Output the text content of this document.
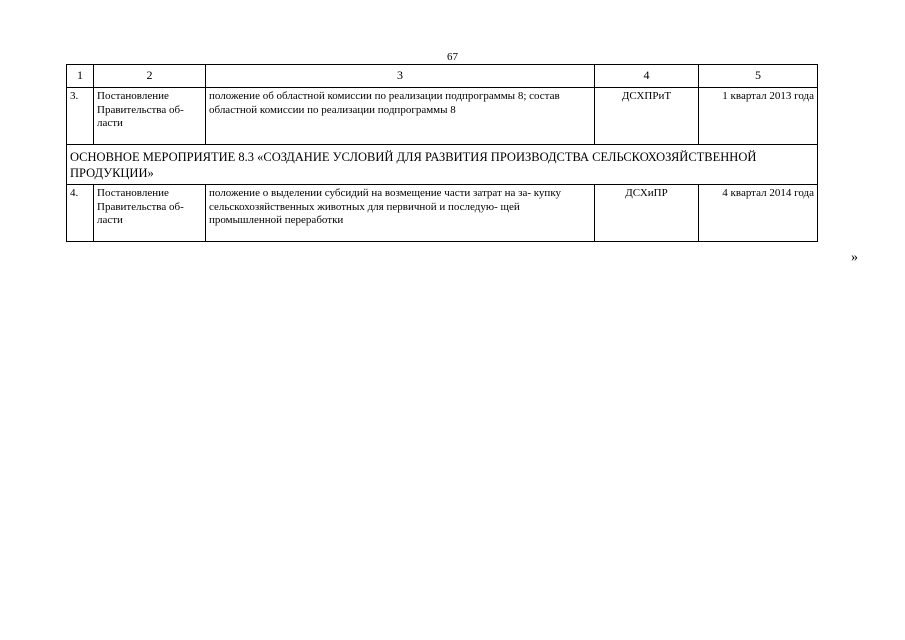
67
1	2	3	4	5
3.	Постановление Правительства об- ласти	положение об областной комиссии по реализации подпрограммы 8; состав областной комиссии по реализации подпрограммы 8	ДСХПРиТ	1 квартал 2013 года
ОСНОВНОЕ МЕРОПРИЯТИЕ 8.3 «СОЗДАНИЕ УСЛОВИЙ ДЛЯ РАЗВИТИЯ ПРОИЗВОДСТВА СЕЛЬСКОХОЗЯЙСТВЕННОЙ ПРОДУКЦИИ»				
4.	Постановление Правительства об- ласти	положение о выделении субсидий на возмещение части затрат на за- купку сельскохозяйственных животных для первичной и последую- щей промышленной переработки	ДСХиПР	4 квартал 2014 года
»
